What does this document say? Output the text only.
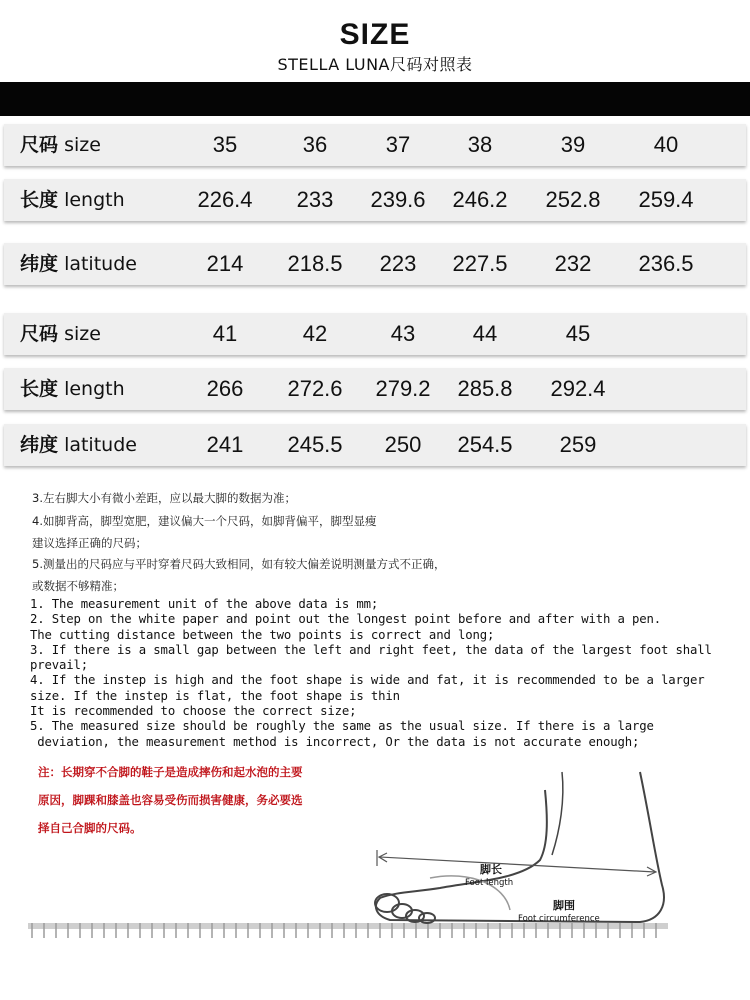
SIZE
STELLA LUNA尺码对照表
尺码 size	35	36	37	38	39	40
长度 length	226.4	233	239.6	246.2	252.8	259.4
纬度 latitude	214	218.5	223	227.5	232	236.5
尺码 size	41	42	43	44	45
长度 length	266	272.6	279.2	285.8	292.4
纬度 latitude	241	245.5	250	254.5	259
3.左右脚大小有微小差距，应以最大脚的数据为准；
4.如脚背高，脚型宽肥，建议偏大一个尺码，如脚背偏平，脚型显瘦
建议选择正确的尺码；
5.测量出的尺码应与平时穿着尺码大致相同，如有较大偏差说明测量方式不正确，
或数据不够精准；
1. The measurement unit of the above data is mm;
2. Step on the white paper and point out the longest point before and after with a pen.
The cutting distance between the two points is correct and long;
3. If there is a small gap between the left and right feet, the data of the largest foot shall
prevail;
4. If the instep is high and the foot shape is wide and fat, it is recommended to be a larger
size. If the instep is flat, the foot shape is thin
It is recommended to choose the correct size;
5. The measured size should be roughly the same as the usual size. If there is a large
deviation, the measurement method is incorrect, Or the data is not accurate enough;
注：长期穿不合脚的鞋子是造成摔伤和起水泡的主要
原因，脚踝和膝盖也容易受伤而损害健康，务必要选
择自己合脚的尺码。
脚长
Foot length
脚围
Foot circumference
